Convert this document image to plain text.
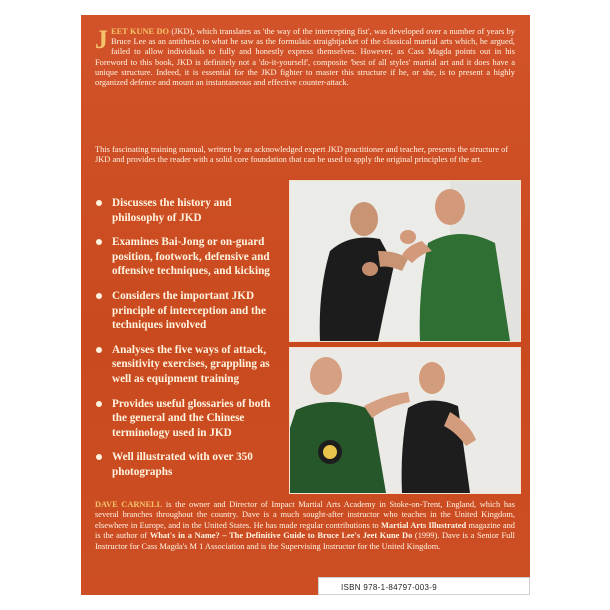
JEET KUNE DO (JKD), which translates as 'the way of the intercepting fist', was developed over a number of years by Bruce Lee as an antithesis to what he saw as the formulaic straightjacket of the classical martial arts which, he argued, failed to allow individuals to fully and honestly express themselves. However, as Cass Magda points out in his Foreword to this book, JKD is definitely not a 'do-it-yourself', composite 'best of all styles' martial art and it does have a unique structure. Indeed, it is essential for the JKD fighter to master this structure if he, or she, is to present a highly organized defence and mount an instantaneous and effective counter-attack.

This fascinating training manual, written by an acknowledged expert JKD practitioner and teacher, presents the structure of JKD and provides the reader with a solid core foundation that can be used to apply the original principles of the art.

Discusses the history and philosophy of JKD
Examines Bai-Jong or on-guard position, footwork, defensive and offensive techniques, and kicking
Considers the important JKD principle of interception and the techniques involved
Analyses the five ways of attack, sensitivity exercises, grappling as well as equipment training
Provides useful glossaries of both the general and the Chinese terminology used in JKD
Well illustrated with over 350 photographs

DAVE CARNELL is the owner and Director of Impact Martial Arts Academy in Stoke-on-Trent, England, which has several branches throughout the country. Dave is a much sought-after instructor who teaches in the United Kingdom, elsewhere in Europe, and in the United States. He has made regular contributions to Martial Arts Illustrated magazine and is the author of What's in a Name? – The Definitive Guide to Bruce Lee's Jeet Kune Do (1999). Dave is a Senior Full Instructor for Cass Magda's M 1 Association and is the Supervising Instructor for the United Kingdom.

ISBN 978-1-84797-003-9
